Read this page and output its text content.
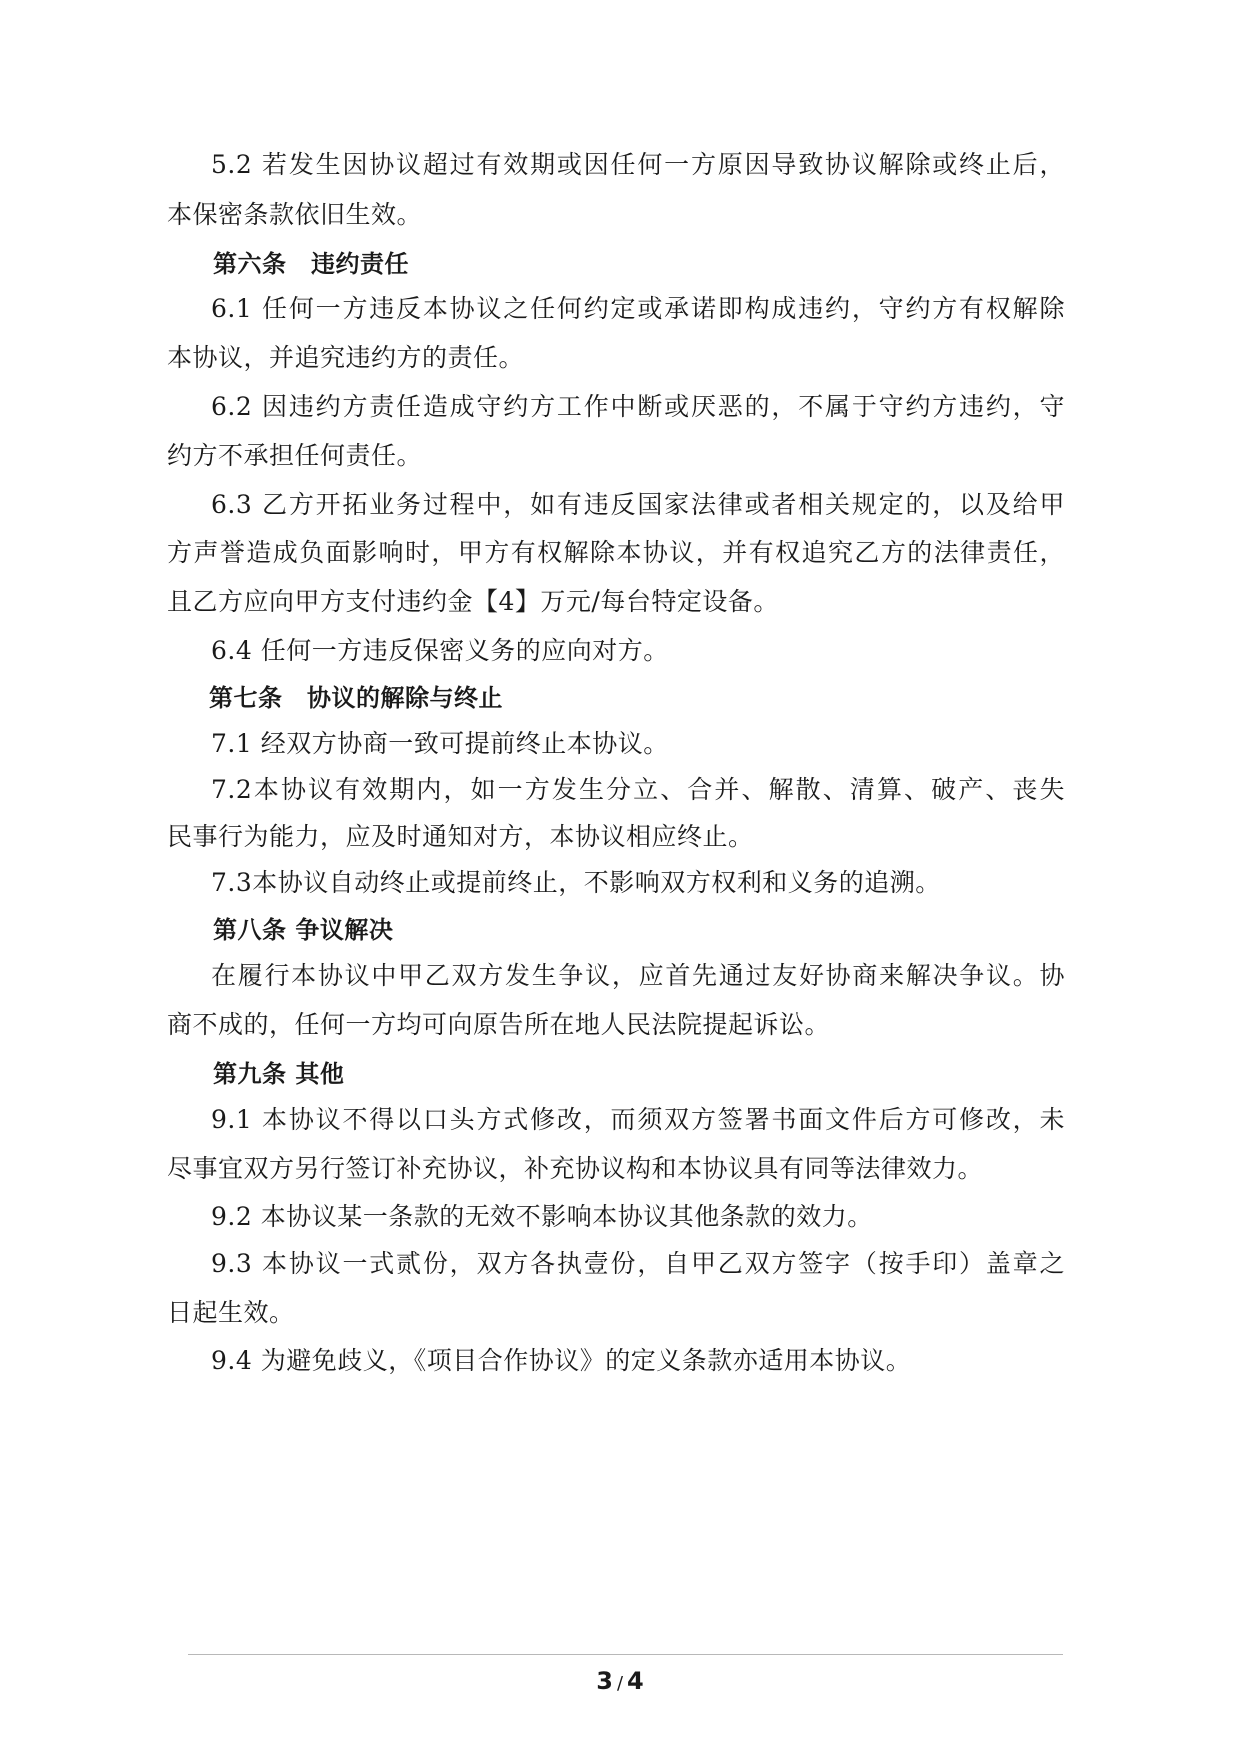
5.2 若发生因协议超过有效期或因任何一方原因导致协议解除或终止后，
本保密条款依旧生效。
第六条　违约责任
6.1 任何一方违反本协议之任何约定或承诺即构成违约，守约方有权解除
本协议，并追究违约方的责任。
6.2 因违约方责任造成守约方工作中断或厌恶的，不属于守约方违约，守
约方不承担任何责任。
6.3 乙方开拓业务过程中，如有违反国家法律或者相关规定的，以及给甲
方声誉造成负面影响时，甲方有权解除本协议，并有权追究乙方的法律责任，
且乙方应向甲方支付违约金【4】万元/每台特定设备。
6.4 任何一方违反保密义务的应向对方。
第七条　协议的解除与终止
7.1 经双方协商一致可提前终止本协议。
7.2本协议有效期内，如一方发生分立、合并、解散、清算、破产、丧失
民事行为能力，应及时通知对方，本协议相应终止。
7.3本协议自动终止或提前终止，不影响双方权利和义务的追溯。
第八条 争议解决
在履行本协议中甲乙双方发生争议，应首先通过友好协商来解决争议。协
商不成的，任何一方均可向原告所在地人民法院提起诉讼。
第九条 其他
9.1 本协议不得以口头方式修改，而须双方签署书面文件后方可修改，未
尽事宜双方另行签订补充协议，补充协议构和本协议具有同等法律效力。
9.2 本协议某一条款的无效不影响本协议其他条款的效力。
9.3 本协议一式贰份，双方各执壹份，自甲乙双方签字（按手印）盖章之
日起生效。
9.4 为避免歧义，《项目合作协议》的定义条款亦适用本协议。
3 / 4
